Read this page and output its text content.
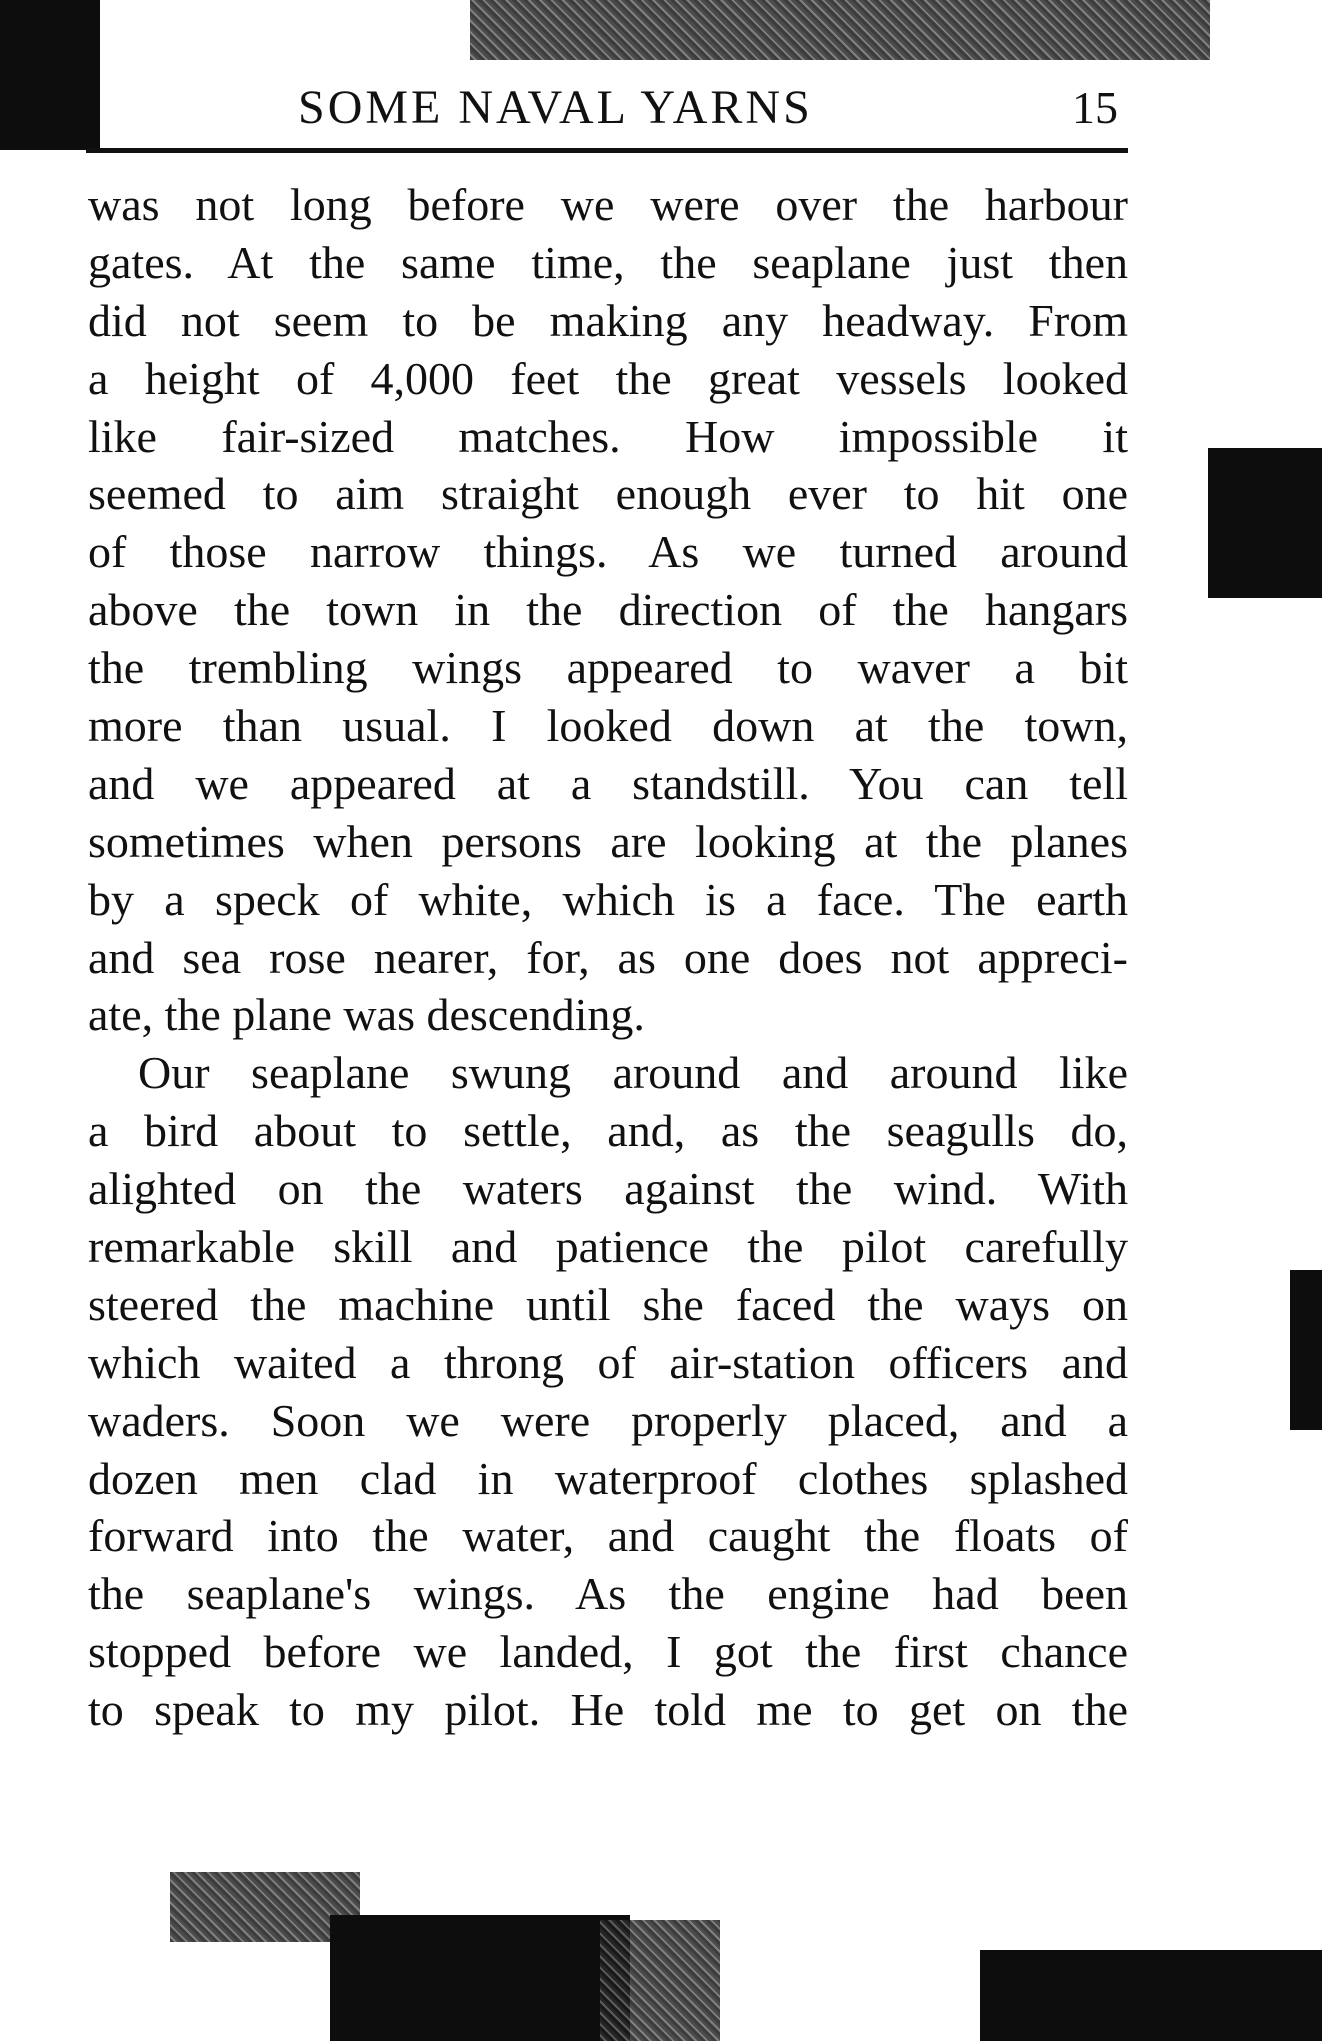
SOME NAVAL YARNS	15
was not long before we were over the harbour
gates. At the same time, the seaplane just then
did not seem to be making any headway. From
a height of 4,000 feet the great vessels looked
like fair-sized matches. How impossible it
seemed to aim straight enough ever to hit one
of those narrow things. As we turned around
above the town in the direction of the hangars
the trembling wings appeared to waver a bit
more than usual. I looked down at the town,
and we appeared at a standstill. You can tell
sometimes when persons are looking at the planes
by a speck of white, which is a face. The earth
and sea rose nearer, for, as one does not appreci-
ate, the plane was descending.
Our seaplane swung around and around like
a bird about to settle, and, as the seagulls do,
alighted on the waters against the wind. With
remarkable skill and patience the pilot carefully
steered the machine until she faced the ways on
which waited a throng of air-station officers and
waders. Soon we were properly placed, and a
dozen men clad in waterproof clothes splashed
forward into the water, and caught the floats of
the seaplane's wings. As the engine had been
stopped before we landed, I got the first chance
to speak to my pilot. He told me to get on the
